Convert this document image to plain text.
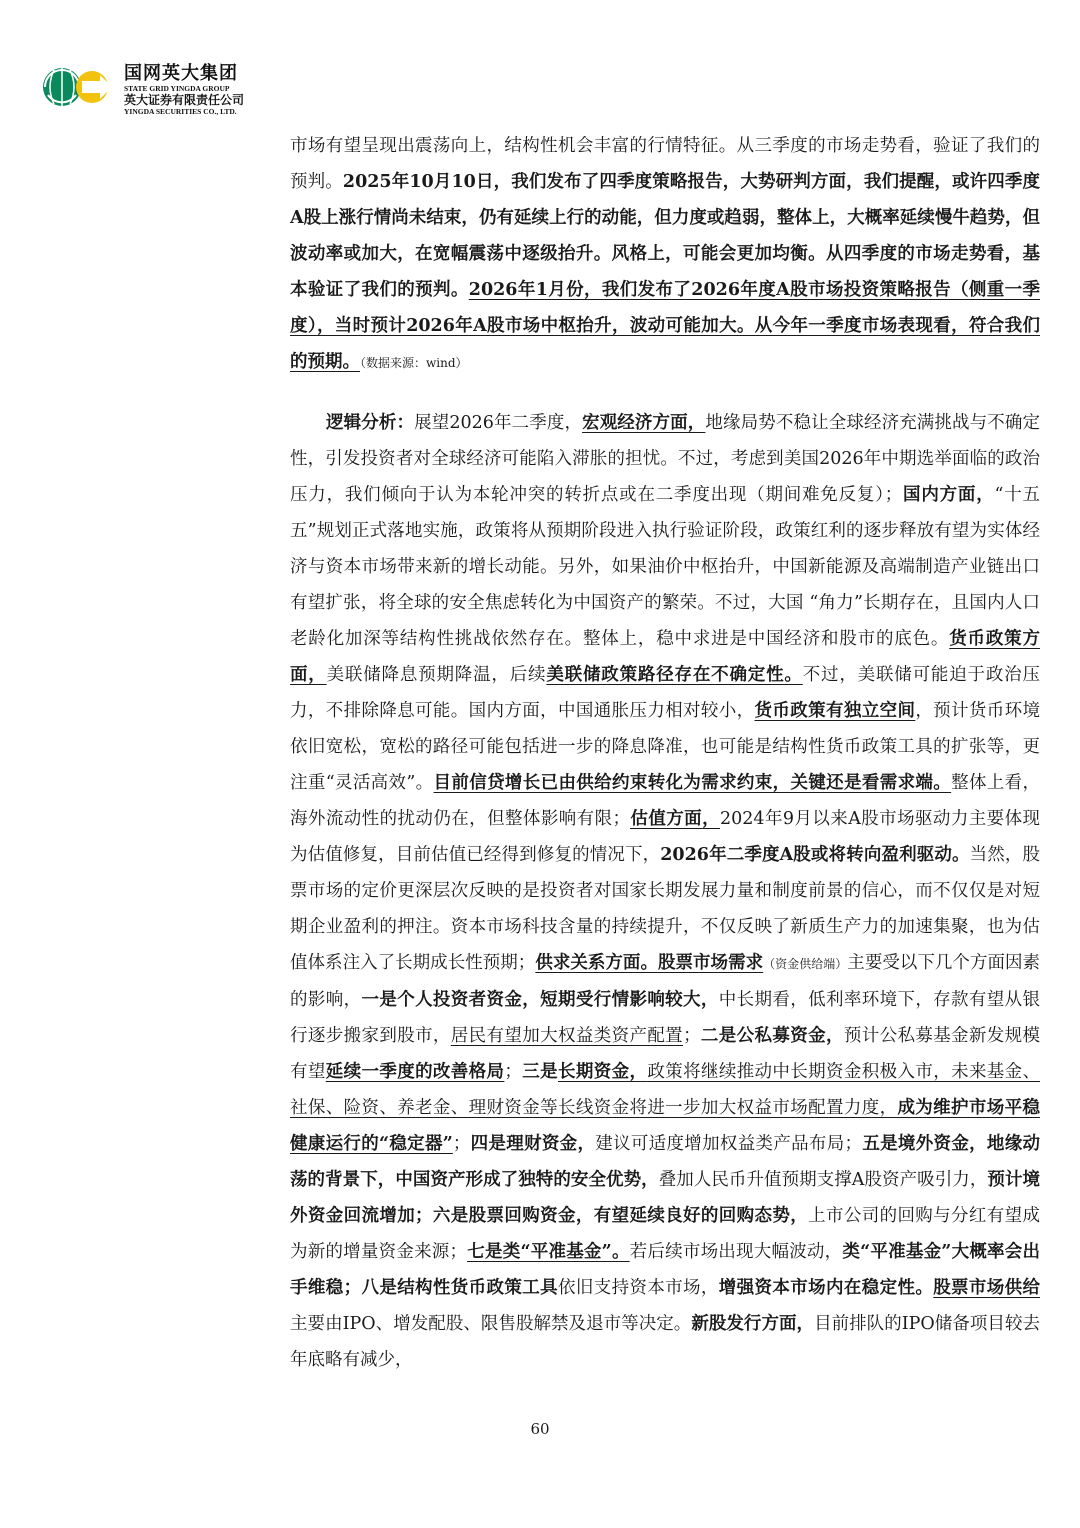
国网英大集团
STATE GRID YINGDA GROUP
英大证券有限责任公司
YINGDA SECURITIES CO., LTD.

市场有望呈现出震荡向上，结构性机会丰富的行情特征。从三季度的市场走势看，验证了我们的预判。2025年10月10日，我们发布了四季度策略报告，大势研判方面，我们提醒，或许四季度A股上涨行情尚未结束，仍有延续上行的动能，但力度或趋弱，整体上，大概率延续慢牛趋势，但波动率或加大，在宽幅震荡中逐级抬升。风格上，可能会更加均衡。从四季度的市场走势看，基本验证了我们的预判。2026年1月份，我们发布了2026年度A股市场投资策略报告（侧重一季度），当时预计2026年A股市场中枢抬升，波动可能加大。从今年一季度市场表现看，符合我们的预期。（数据来源：wind）

逻辑分析：展望2026年二季度，宏观经济方面，地缘局势不稳让全球经济充满挑战与不确定性，引发投资者对全球经济可能陷入滞胀的担忧。不过，考虑到美国2026年中期选举面临的政治压力，我们倾向于认为本轮冲突的转折点或在二季度出现（期间难免反复）；国内方面，“十五五”规划正式落地实施，政策将从预期阶段进入执行验证阶段，政策红利的逐步释放有望为实体经济与资本市场带来新的增长动能。另外，如果油价中枢抬升，中国新能源及高端制造产业链出口有望扩张，将全球的安全焦虑转化为中国资产的繁荣。不过，大国 “角力”长期存在，且国内人口老龄化加深等结构性挑战依然存在。整体上，稳中求进是中国经济和股市的底色。货币政策方面，美联储降息预期降温，后续美联储政策路径存在不确定性。不过，美联储可能迫于政治压力，不排除降息可能。国内方面，中国通胀压力相对较小，货币政策有独立空间，预计货币环境依旧宽松，宽松的路径可能包括进一步的降息降准，也可能是结构性货币政策工具的扩张等，更注重“灵活高效”。目前信贷增长已由供给约束转化为需求约束，关键还是看需求端。整体上看，海外流动性的扰动仍在，但整体影响有限；估值方面，2024年9月以来A股市场驱动力主要体现为估值修复，目前估值已经得到修复的情况下，2026年二季度A股或将转向盈利驱动。当然，股票市场的定价更深层次反映的是投资者对国家长期发展力量和制度前景的信心，而不仅仅是对短期企业盈利的押注。资本市场科技含量的持续提升，不仅反映了新质生产力的加速集聚，也为估值体系注入了长期成长性预期；供求关系方面。股票市场需求（资金供给端）主要受以下几个方面因素的影响，一是个人投资者资金，短期受行情影响较大，中长期看，低利率环境下，存款有望从银行逐步搬家到股市，居民有望加大权益类资产配置；二是公私募资金，预计公私募基金新发规模有望延续一季度的改善格局；三是长期资金，政策将继续推动中长期资金积极入市，未来基金、社保、险资、养老金、理财资金等长线资金将进一步加大权益市场配置力度，成为维护市场平稳健康运行的“稳定器”；四是理财资金，建议可适度增加权益类产品布局；五是境外资金，地缘动荡的背景下，中国资产形成了独特的安全优势，叠加人民币升值预期支撑A股资产吸引力，预计境外资金回流增加；六是股票回购资金，有望延续良好的回购态势，上市公司的回购与分红有望成为新的增量资金来源；七是类“平准基金”。若后续市场出现大幅波动，类“平准基金”大概率会出手维稳；八是结构性货币政策工具依旧支持资本市场，增强资本市场内在稳定性。股票市场供给主要由IPO、增发配股、限售股解禁及退市等决定。新股发行方面，目前排队的IPO储备项目较去年底略有减少，

60
